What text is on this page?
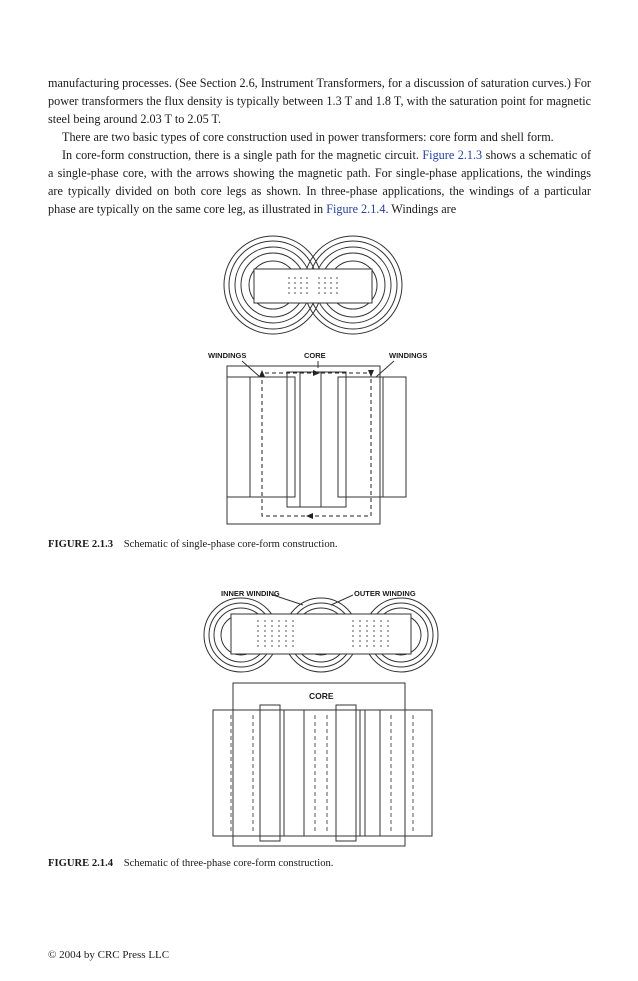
manufacturing processes. (See Section 2.6, Instrument Transformers, for a discussion of saturation curves.) For power transformers the flux density is typically between 1.3 T and 1.8 T, with the saturation point for magnetic steel being around 2.03 T to 2.05 T.

There are two basic types of core construction used in power transformers: core form and shell form.

In core-form construction, there is a single path for the magnetic circuit. Figure 2.1.3 shows a schematic of a single-phase core, with the arrows showing the magnetic path. For single-phase applications, the windings are typically divided on both core legs as shown. In three-phase applications, the windings of a particular phase are typically on the same core leg, as illustrated in Figure 2.1.4. Windings are

WINDINGS	CORE	WINDINGS
FIGURE 2.1.3 Schematic of single-phase core-form construction.
INNER WINDING	OUTER WINDING
CORE
FIGURE 2.1.4 Schematic of three-phase core-form construction.
© 2004 by CRC Press LLC
